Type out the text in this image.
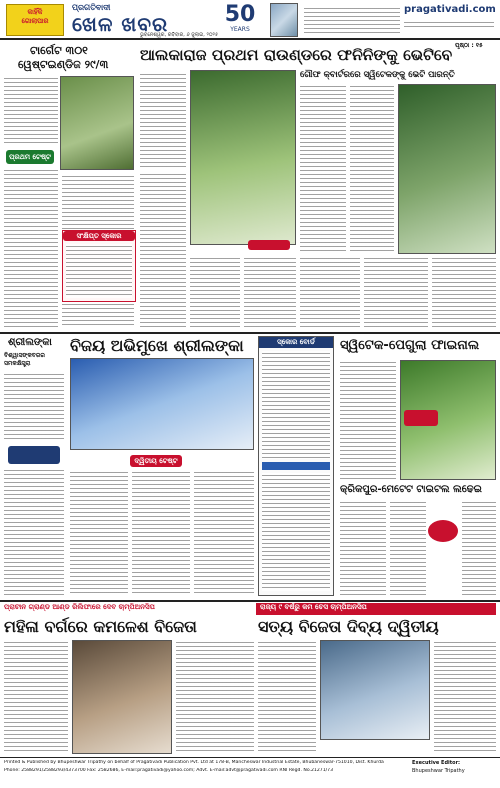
କାହିଁକି
ଗୋଲାପାର
ପ୍ରଗତିବାଦୀ
ଖେଳ ଖବର
ଭୁବନେଶ୍ୱର, ରବିବାର, ୬ ଜୁଲାଇ, ୨୦୨୫
50
YEARS
pragativadi.com
ପୃଷ୍ଠା : ୧୫
ଟାର୍ଗେଟ ୩୦୧
ୱେଷ୍ଟଇଣ୍ଡିଜ ୨୯/୩
ପ୍ରଥମ ଟେଷ୍ଟ
ଆଲକାରାଜ ପ୍ରଥମ ରାଉଣ୍ଡରେ ଫନିନିଙ୍କୁ ଭେଟିବେ
ଗୌଫ କ୍ବାର୍ଟରରେ ସ୍ୱିଟେକଙ୍କୁ ଭେଟି ପାରନ୍ତି
ସଂକ୍ଷିପ୍ତ ସ୍କୋର
ଶ୍ରୀଲଙ୍କା
ବିଶ୍ୱାସଙ୍କବରର ସମକକ୍ଷିସ୍ତ୍ରା
ବିଜୟ ଅଭିମୁଖେ ଶ୍ରୀଲଙ୍କା
ଦ୍ୱିତୀୟ ଟେଷ୍ଟ
ସ୍କୋର ବୋର୍ଡ	ସ୍ୱିଟେକ-ପେଗୁଲା ଫାଇନାଲ
କ୍ରିକପୁର-ମେଟେଟ ଟାଇଟଲ ଲଢେଇ
ପ୍ରାଚୀନ ଗ୍ରାଣ୍ଡ ଆଣ୍ଡ ରିଲିଫାରେ ଦେବ ଚାମ୍ପିଅନସିପ	ରାଜ୍ୟ ୯ ବର୍ଷରୁ କମ ଚେସ ଚାମ୍ପିଅନସିପ
ମହିଳା ବର୍ଗରେ କମଳେଶ ବିଜେତା	ସତ୍ୟ ବିଜେତା ଦିବ୍ୟ ଦ୍ୱିତୀୟ
Printed & Published by Bhupeshwar Tripathy on behalf of Pragativadi Publication Pvt. Ltd at 178-B, Mancheswar Industrial Estate, Bhubaneswar-751010, Dist. Khurda
Phone: 2588291/2588293/4373700 Fax: 2582686, E-mail:pragativadi@yahoo.com; Advt. E-mail:advt@pragativadi.com RNI Regd. No.21271/73
Executive Editor:
Bhupeshwar Tripathy
